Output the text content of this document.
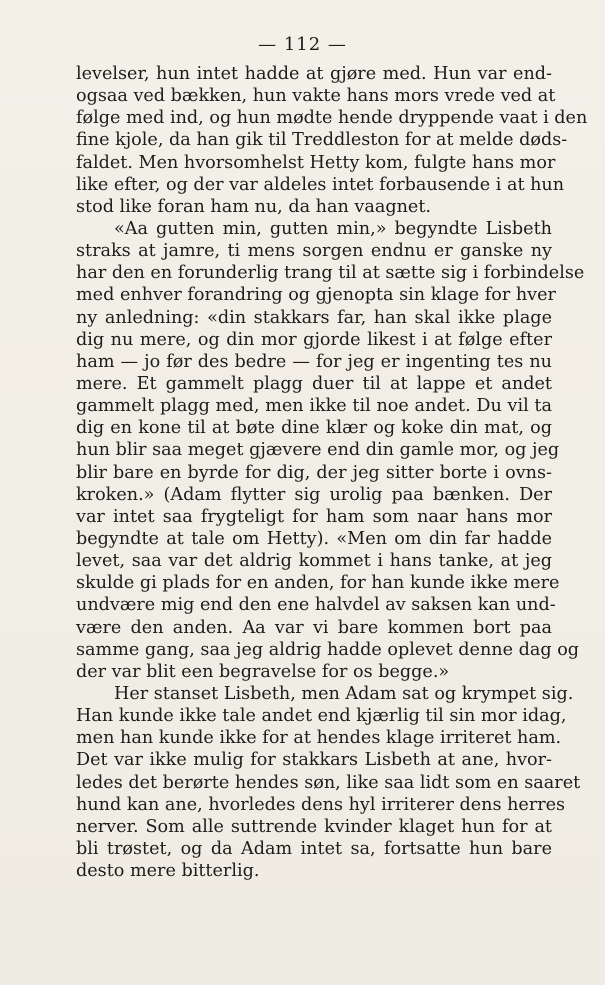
— 112 —
levelser, hun intet hadde at gjøre med. Hun var end-
ogsaa ved bækken, hun vakte hans mors vrede ved at
følge med ind, og hun mødte hende dryppende vaat i den
fine kjole, da han gik til Treddleston for at melde døds-
faldet. Men hvorsomhelst Hetty kom, fulgte hans mor
like efter, og der var aldeles intet forbausende i at hun
stod like foran ham nu, da han vaagnet.
«Aa gutten min, gutten min,» begyndte Lisbeth
straks at jamre, ti mens sorgen endnu er ganske ny
har den en forunderlig trang til at sætte sig i forbindelse
med enhver forandring og gjenopta sin klage for hver
ny anledning: «din stakkars far, han skal ikke plage
dig nu mere, og din mor gjorde likest i at følge efter
ham — jo før des bedre — for jeg er ingenting tes nu
mere. Et gammelt plagg duer til at lappe et andet
gammelt plagg med, men ikke til noe andet. Du vil ta
dig en kone til at bøte dine klær og koke din mat, og
hun blir saa meget gjævere end din gamle mor, og jeg
blir bare en byrde for dig, der jeg sitter borte i ovns-
kroken.» (Adam flytter sig urolig paa bænken. Der
var intet saa frygteligt for ham som naar hans mor
begyndte at tale om Hetty). «Men om din far hadde
levet, saa var det aldrig kommet i hans tanke, at jeg
skulde gi plads for en anden, for han kunde ikke mere
undvære mig end den ene halvdel av saksen kan und-
være den anden. Aa var vi bare kommen bort paa
samme gang, saa jeg aldrig hadde oplevet denne dag og
der var blit een begravelse for os begge.»
Her stanset Lisbeth, men Adam sat og krympet sig.
Han kunde ikke tale andet end kjærlig til sin mor idag,
men han kunde ikke for at hendes klage irriteret ham.
Det var ikke mulig for stakkars Lisbeth at ane, hvor-
ledes det berørte hendes søn, like saa lidt som en saaret
hund kan ane, hvorledes dens hyl irriterer dens herres
nerver. Som alle suttrende kvinder klaget hun for at
bli trøstet, og da Adam intet sa, fortsatte hun bare
desto mere bitterlig.
